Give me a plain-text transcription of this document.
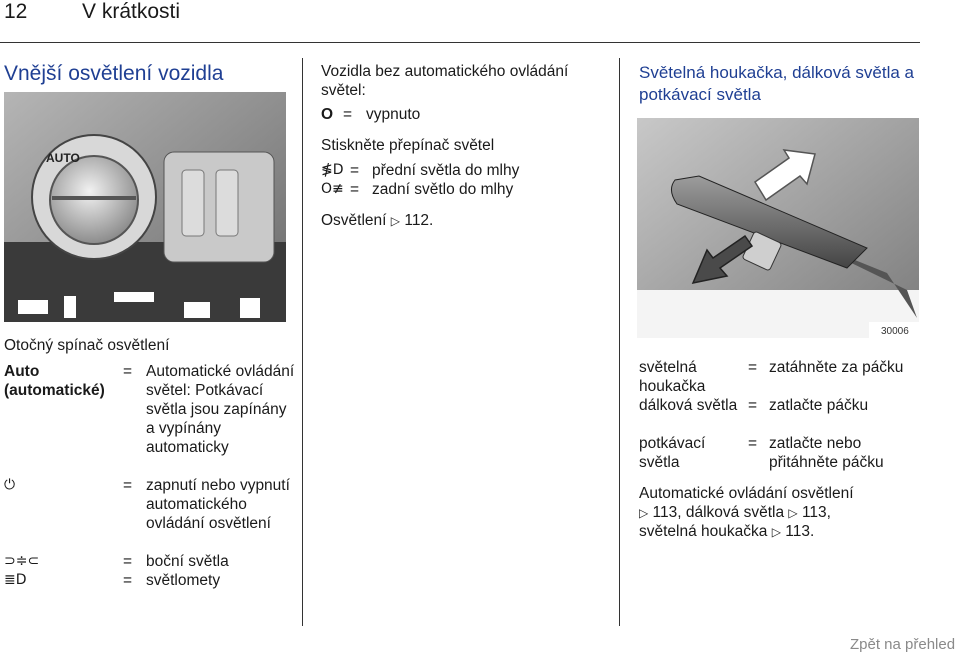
12	V krátkosti
Vnější osvětlení vozidla
AUTO
Otočný spínač osvětlení
Auto (automatické)
= Automatické ovládání světel: Potkávací světla jsou zapínány a vypínány automaticky
⏻	= zapnutí nebo vypnutí automatického ovládání osvětlení
⊃≑⊂	= boční světla
≣D	= světlomety
Vozidla bez automatického ovládání světel:
O = vypnuto
Stiskněte přepínač světel
≸D = přední světla do mlhy
O≢ = zadní světlo do mlhy
Osvětlení ▷ 112.
Světelná houkačka, dálková světla a potkávací světla
30006
světelná houkačka
= zatáhněte za páčku
dálková světla = zatlačte páčku
potkávací světla
= zatlačte nebo přitáhněte páčku
Automatické ovládání osvětlení
▷ 113, dálková světla ▷ 113,
světelná houkačka ▷ 113.
Zpět na přehled
